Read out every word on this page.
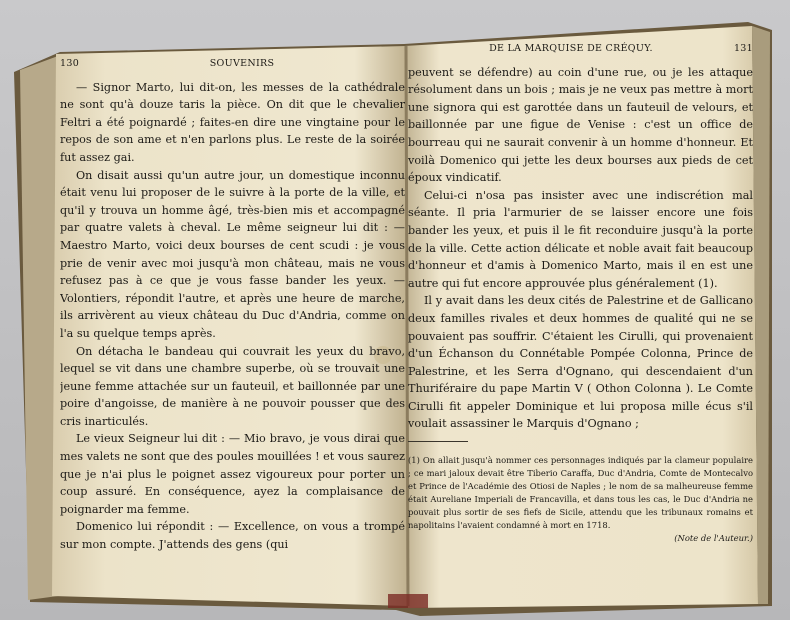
130	SOUVENIRS

— Signor Marto, lui dit-on, les messes de la cathédrale ne sont qu'à douze taris la pièce. On dit que le chevalier Feltri a été poignardé ; faites-en dire une vingtaine pour le repos de son ame et n'en parlons plus. Le reste de la soirée fut assez gai.

On disait aussi qu'un autre jour, un domestique inconnu était venu lui proposer de le suivre à la porte de la ville, et qu'il y trouva un homme âgé, très-bien mis et accompagné par quatre valets à cheval. Le même seigneur lui dit : — Maestro Marto, voici deux bourses de cent scudi : je vous prie de venir avec moi jusqu'à mon château, mais ne vous refusez pas à ce que je vous fasse bander les yeux. — Volontiers, répondit l'autre, et après une heure de marche, ils arrivèrent au vieux château du Duc d'Andria, comme on l'a su quelque temps après.

On détacha le bandeau qui couvrait les yeux du bravo, lequel se vit dans une chambre superbe, où se trouvait une jeune femme attachée sur un fauteuil, et baillonnée par une poire d'angoisse, de manière à ne pouvoir pousser que des cris inarticulés.

Le vieux Seigneur lui dit : — Mio bravo, je vous dirai que mes valets ne sont que des poules mouillées ! et vous saurez que je n'ai plus le poignet assez vigoureux pour porter un coup assuré. En conséquence, ayez la complaisance de poignarder ma femme.

Domenico lui répondit : — Excellence, on vous a trompé sur mon compte. J'attends des gens (qui

DE LA MARQUISE DE CRÉQUY.	131

peuvent se défendre) au coin d'une rue, ou je les attaque résolument dans un bois ; mais je ne veux pas mettre à mort une signora qui est garottée dans un fauteuil de velours, et baillonnée par une figue de Venise : c'est un office de bourreau qui ne saurait convenir à un homme d'honneur. Et voilà Domenico qui jette les deux bourses aux pieds de cet époux vindicatif.

Celui-ci n'osa pas insister avec une indiscrétion mal séante. Il pria l'armurier de se laisser encore une fois bander les yeux, et puis il le fit reconduire jusqu'à la porte de la ville. Cette action délicate et noble avait fait beaucoup d'honneur et d'amis à Domenico Marto, mais il en est une autre qui fut encore approuvée plus généralement (1).

Il y avait dans les deux cités de Palestrine et de Gallicano deux familles rivales et deux hommes de qualité qui ne se pouvaient pas souffrir. C'étaient les Cirulli, qui provenaient d'un Échanson du Connétable Pompée Colonna, Prince de Palestrine, et les Serra d'Ognano, qui descendaient d'un Thuriféraire du pape Martin V ( Othon Colonna ). Le Comte Cirulli fit appeler Dominique et lui proposa mille écus s'il voulait assassiner le Marquis d'Ognano ;

(1) On allait jusqu'à nommer ces personnages indiqués par la clameur populaire ; ce mari jaloux devait être Tiberio Caraffa, Duc d'Andria, Comte de Montecalvo et Prince de l'Académie des Otiosi de Naples ; le nom de sa malheureuse femme était Aureliane Imperiali de Francavilla, et dans tous les cas, le Duc d'Andria ne pouvait plus sortir de ses fiefs de Sicile, attendu que les tribunaux romains et napolitains l'avaient condamné à mort en 1718.

(Note de l'Auteur.)
